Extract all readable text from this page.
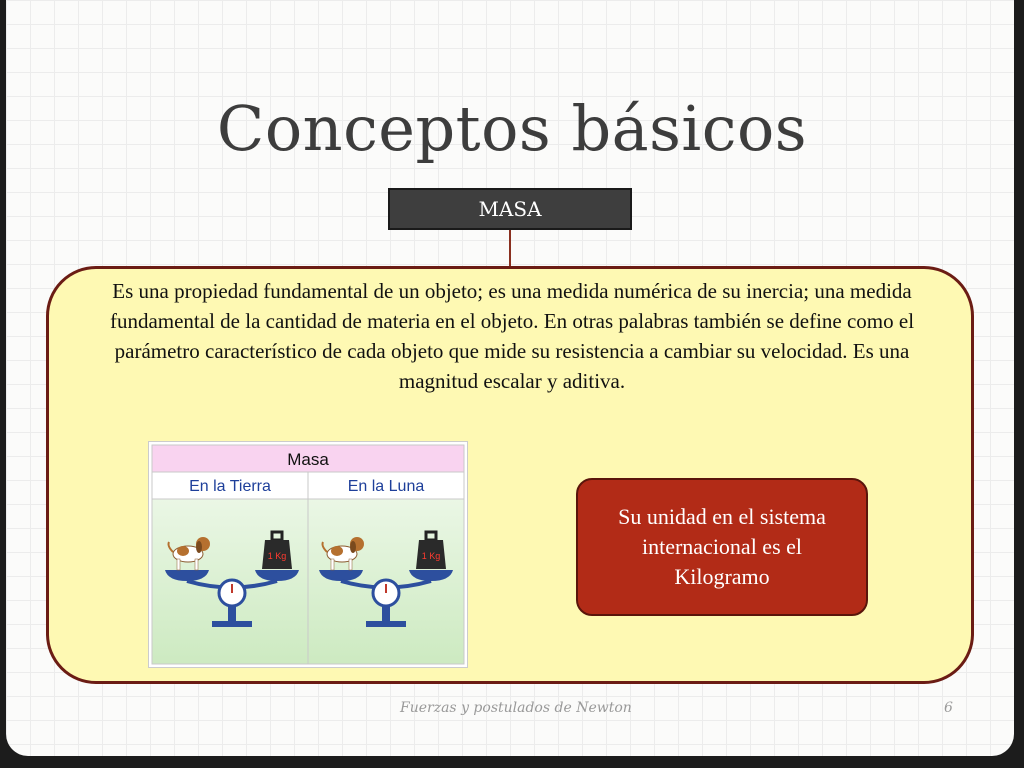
Conceptos básicos
MASA
Es una propiedad fundamental de un objeto; es una medida numérica de su inercia; una medida fundamental de la cantidad de materia en el objeto. En otras palabras también se define como el parámetro característico de cada objeto que mide su resistencia a cambiar su velocidad. Es una magnitud escalar y aditiva.
Masa
En la Tierra	En la Luna
1 Kg	1 Kg
Su unidad en el sistema internacional es el Kilogramo
Fuerzas y postulados de Newton	6
